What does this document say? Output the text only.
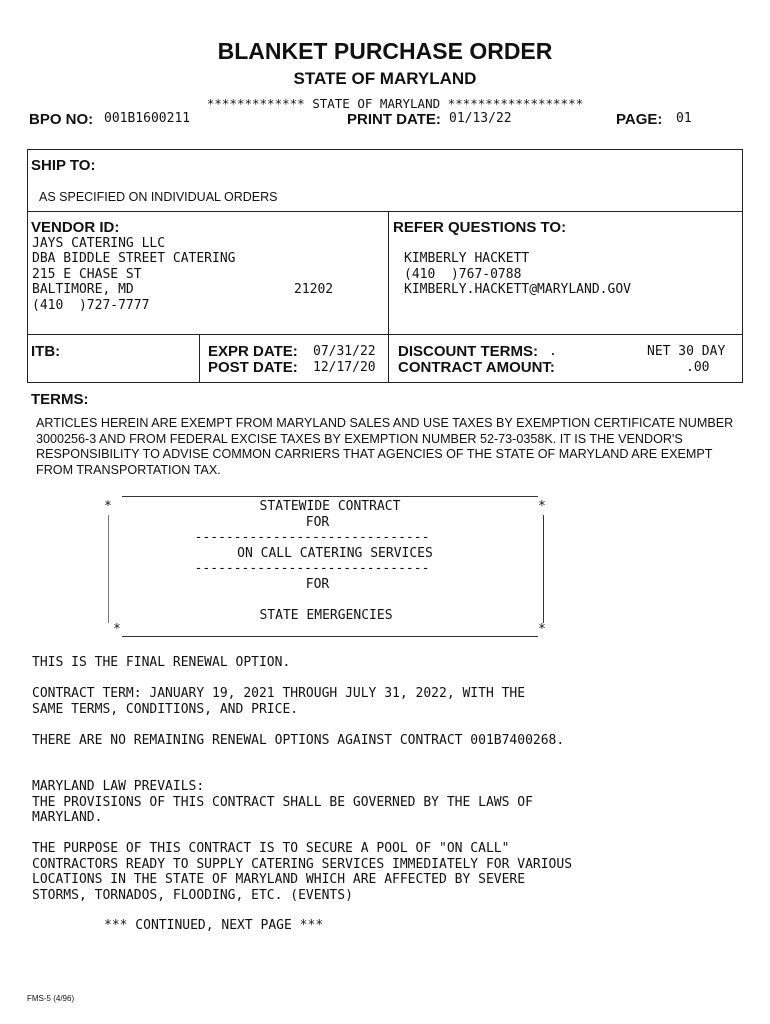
BLANKET PURCHASE ORDER
STATE OF MARYLAND
************* STATE OF MARYLAND ******************
BPO NO: 001B1600211	PRINT DATE: 01/13/22	PAGE: 01
SHIP TO:
AS SPECIFIED ON INDIVIDUAL ORDERS
VENDOR ID:
JAYS CATERING LLC
DBA BIDDLE STREET CATERING
215 E CHASE ST
BALTIMORE, MD
(410  )727-7777
21202
REFER QUESTIONS TO:
KIMBERLY HACKETT
(410  )767-0788
KIMBERLY.HACKETT@MARYLAND.GOV
ITB:	EXPR DATE: 07/31/22
POST DATE: 12/17/20
DISCOUNT TERMS: .	NET 30 DAY
CONTRACT AMOUNT:	.00
TERMS:
ARTICLES HEREIN ARE EXEMPT FROM MARYLAND SALES AND USE TAXES BY EXEMPTION CERTIFICATE NUMBER 3000256-3 AND FROM FEDERAL EXCISE TAXES BY EXEMPTION NUMBER 52-73-0358K. IT IS THE VENDOR'S RESPONSIBILITY TO ADVISE COMMON CARRIERS THAT AGENCIES OF THE STATE OF MARYLAND ARE EXEMPT FROM TRANSPORTATION TAX.
*	*
STATEWIDE CONTRACT
FOR
------------------------------
ON CALL CATERING SERVICES
------------------------------
FOR
STATE EMERGENCIES
*	*
THIS IS THE FINAL RENEWAL OPTION.
CONTRACT TERM: JANUARY 19, 2021 THROUGH JULY 31, 2022, WITH THE
SAME TERMS, CONDITIONS, AND PRICE.
THERE ARE NO REMAINING RENEWAL OPTIONS AGAINST CONTRACT 001B7400268.
MARYLAND LAW PREVAILS:
THE PROVISIONS OF THIS CONTRACT SHALL BE GOVERNED BY THE LAWS OF
MARYLAND.
THE PURPOSE OF THIS CONTRACT IS TO SECURE A POOL OF "ON CALL"
CONTRACTORS READY TO SUPPLY CATERING SERVICES IMMEDIATELY FOR VARIOUS
LOCATIONS IN THE STATE OF MARYLAND WHICH ARE AFFECTED BY SEVERE
STORMS, TORNADOS, FLOODING, ETC. (EVENTS)
*** CONTINUED, NEXT PAGE ***
FMS-5 (4/96)
